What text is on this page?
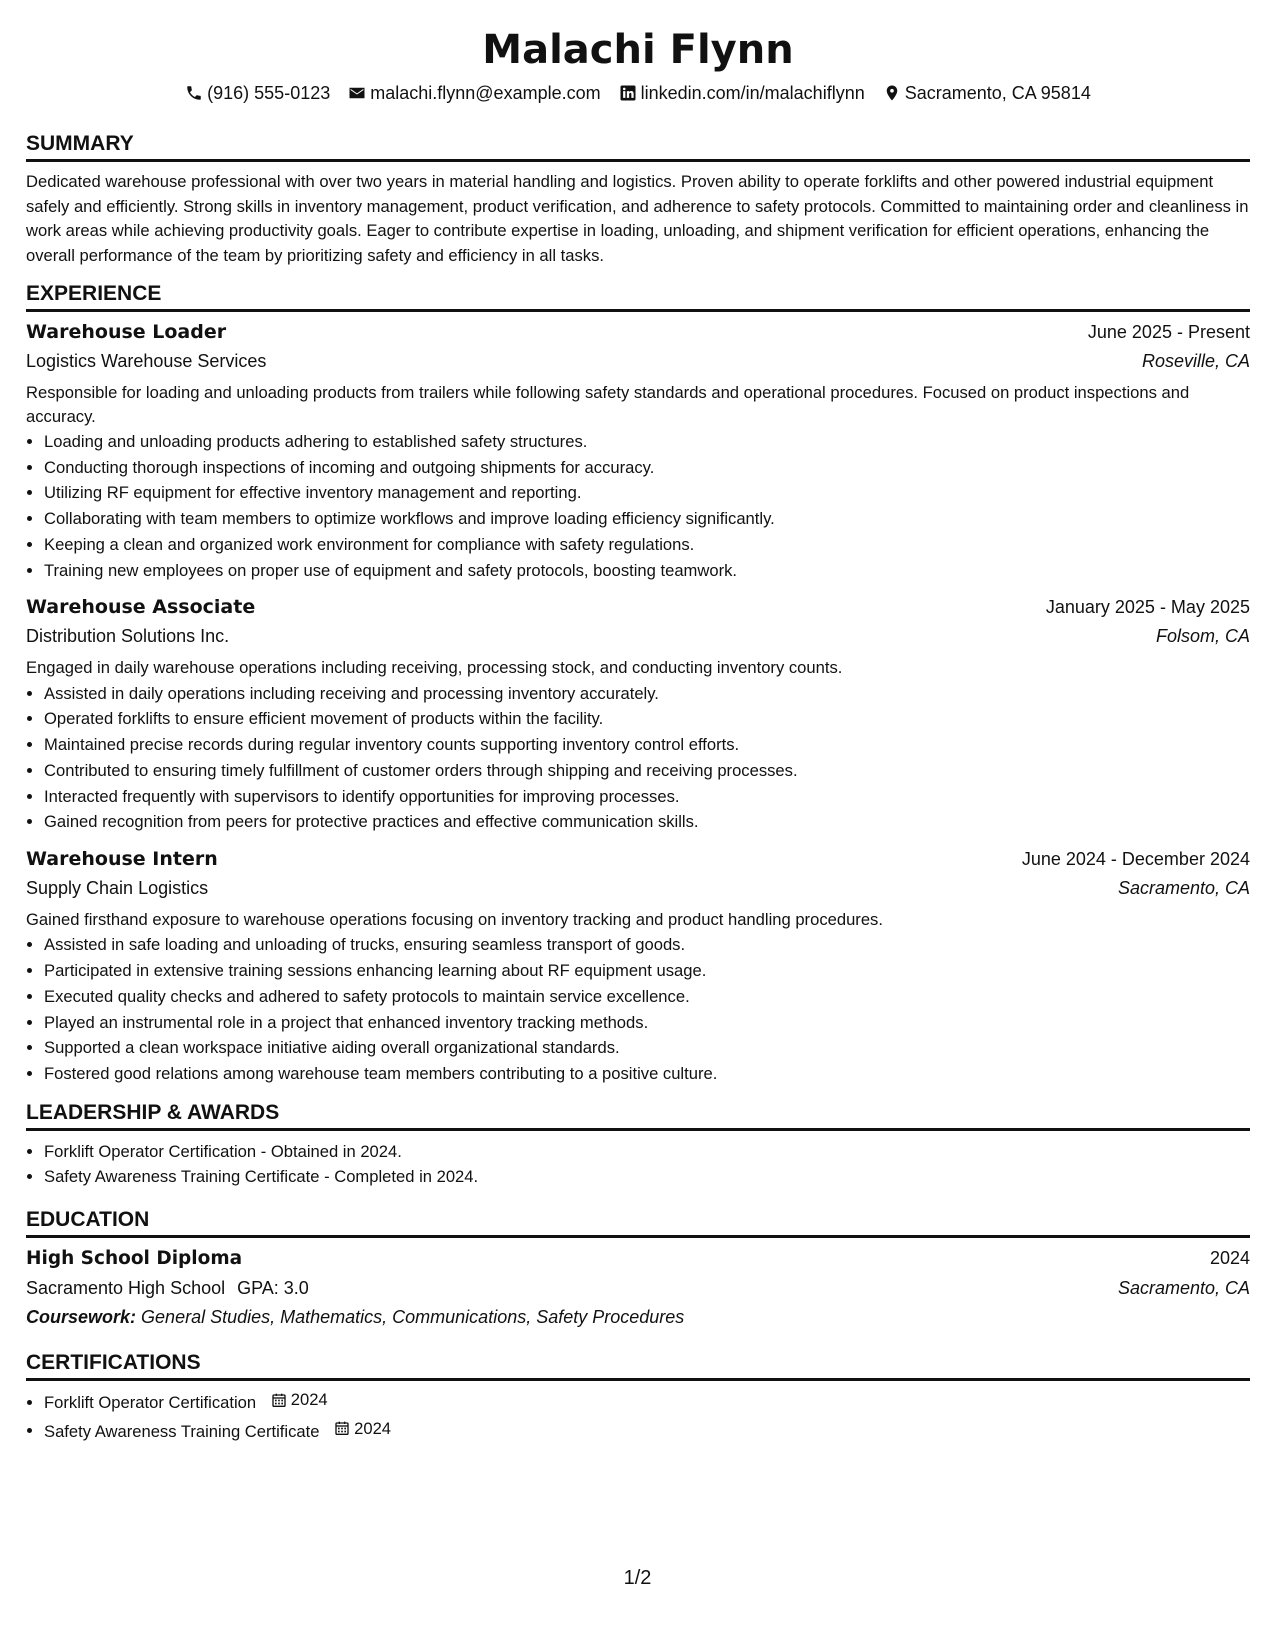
Malachi Flynn
(916) 555-0123 malachi.flynn@example.com linkedin.com/in/malachiflynn Sacramento, CA 95814
SUMMARY
Dedicated warehouse professional with over two years in material handling and logistics. Proven ability to operate forklifts and other powered industrial equipment safely and efficiently. Strong skills in inventory management, product verification, and adherence to safety protocols. Committed to maintaining order and cleanliness in work areas while achieving productivity goals. Eager to contribute expertise in loading, unloading, and shipment verification for efficient operations, enhancing the overall performance of the team by prioritizing safety and efficiency in all tasks.
EXPERIENCE
Warehouse Loader	June 2025 - Present
Logistics Warehouse Services	Roseville, CA
Responsible for loading and unloading products from trailers while following safety standards and operational procedures. Focused on product inspections and accuracy.
• Loading and unloading products adhering to established safety structures.
• Conducting thorough inspections of incoming and outgoing shipments for accuracy.
• Utilizing RF equipment for effective inventory management and reporting.
• Collaborating with team members to optimize workflows and improve loading efficiency significantly.
• Keeping a clean and organized work environment for compliance with safety regulations.
• Training new employees on proper use of equipment and safety protocols, boosting teamwork.
Warehouse Associate	January 2025 - May 2025
Distribution Solutions Inc.	Folsom, CA
Engaged in daily warehouse operations including receiving, processing stock, and conducting inventory counts.
• Assisted in daily operations including receiving and processing inventory accurately.
• Operated forklifts to ensure efficient movement of products within the facility.
• Maintained precise records during regular inventory counts supporting inventory control efforts.
• Contributed to ensuring timely fulfillment of customer orders through shipping and receiving processes.
• Interacted frequently with supervisors to identify opportunities for improving processes.
• Gained recognition from peers for protective practices and effective communication skills.
Warehouse Intern	June 2024 - December 2024
Supply Chain Logistics	Sacramento, CA
Gained firsthand exposure to warehouse operations focusing on inventory tracking and product handling procedures.
• Assisted in safe loading and unloading of trucks, ensuring seamless transport of goods.
• Participated in extensive training sessions enhancing learning about RF equipment usage.
• Executed quality checks and adhered to safety protocols to maintain service excellence.
• Played an instrumental role in a project that enhanced inventory tracking methods.
• Supported a clean workspace initiative aiding overall organizational standards.
• Fostered good relations among warehouse team members contributing to a positive culture.
LEADERSHIP & AWARDS
• Forklift Operator Certification - Obtained in 2024.
• Safety Awareness Training Certificate - Completed in 2024.
EDUCATION
High School Diploma	2024
Sacramento High School GPA: 3.0	Sacramento, CA
Coursework: General Studies, Mathematics, Communications, Safety Procedures
CERTIFICATIONS
• Forklift Operator Certification 2024
• Safety Awareness Training Certificate 2024
1/2
